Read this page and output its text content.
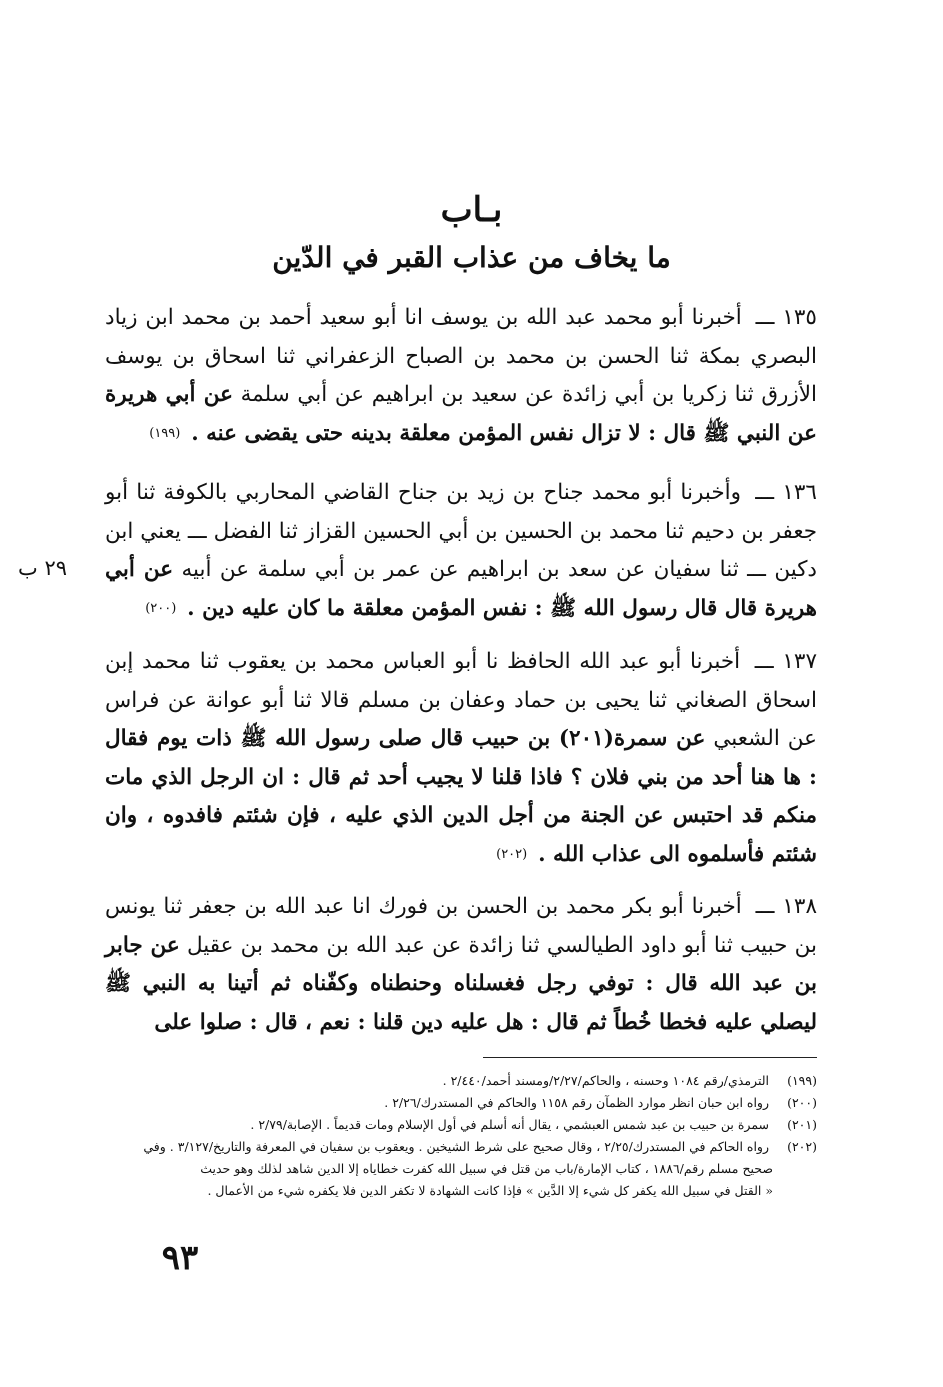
بـاب
ما يخاف من عذاب القبر في الدّين

١٣٥ ـــ أخبرنا أبو محمد عبد الله بن يوسف انا أبو سعيد أحمد بن محمد ابن زياد البصري بمكة ثنا الحسن بن محمد بن الصباح الزعفراني ثنا اسحاق بن يوسف الأزرق ثنا زكريا بن أبي زائدة عن سعيد بن ابراهيم عن أبي سلمة عن أبي هريرة عن النبي ﷺ قال : لا تزال نفس المؤمن معلقة بدينه حتى يقضى عنه . (١٩٩)

١٣٦ ـــ وأخبرنا أبو محمد جناح بن زيد بن جناح القاضي المحاربي بالكوفة ثنا أبو جعفر بن دحيم ثنا محمد بن الحسين بن أبي الحسين القزاز ثنا الفضل ـــ يعني ابن دكين ـــ ثنا سفيان عن سعد بن ابراهيم عن عمر بن أبي سلمة عن أبيه عن أبي هريرة قال قال رسول الله ﷺ : نفس المؤمن معلقة ما كان عليه دين . (٢٠٠)

٢٩ ب

١٣٧ ـــ أخبرنا أبو عبد الله الحافظ نا أبو العباس محمد بن يعقوب ثنا محمد إبن اسحاق الصغاني ثنا يحيى بن حماد وعفان بن مسلم قالا ثنا أبو عوانة عن فراس عن الشعبي عن سمرة(٢٠١) بن حبيب قال صلى رسول الله ﷺ ذات يوم فقال : ها هنا أحد من بني فلان ؟ فاذا قلنا لا يجيب أحد ثم قال : ان الرجل الذي مات منكم قد احتبس عن الجنة من أجل الدين الذي عليه ، فإن شئتم فافدوه ، وان شئتم فأسلموه الى عذاب الله . (٢٠٢)

١٣٨ ـــ أخبرنا أبو بكر محمد بن الحسن بن فورك انا عبد الله بن جعفر ثنا يونس بن حبيب ثنا أبو داود الطيالسي ثنا زائدة عن عبد الله بن محمد بن عقيل عن جابر بن عبد الله قال : توفي رجل فغسلناه وحنطناه وكفّناه ثم أتينا به النبي ﷺ ليصلي عليه فخطا خُطاً ثم قال : هل عليه دين قلنا : نعم ، قال : صلوا على

(١٩٩) الترمذي/رقم ١٠٨٤ وحسنه ، والحاكم/٢/٢٧/ومسند أحمد/٢/٤٤٠ .

(٢٠٠) رواه ابن حبان انظر موارد الظمآن رقم ١١٥٨ والحاكم في المستدرك/٢/٢٦ .

(٢٠١) سمرة بن حبيب بن عبد شمس العبشمي ، يقال أنه أسلم في أول الإسلام ومات قديماً . الإصابة/٢/٧٩ .

(٢٠٢) رواه الحاكم في المستدرك/٢/٢٥ ، وقال صحيح على شرط الشيخين . ويعقوب بن سفيان في المعرفة والتاريخ/٣/١٢٧ . وفي
صحيح مسلم رقم/١٨٨٦ ، كتاب الإمارة/باب من قتل في سبيل الله كفرت خطاياه إلا الدين شاهد لذلك وهو حديث
« القتل في سبيل الله يكفر كل شيء إلا الدَّين » فإذا كانت الشهادة لا تكفر الدين فلا يكفره شيء من الأعمال .

٩٣
